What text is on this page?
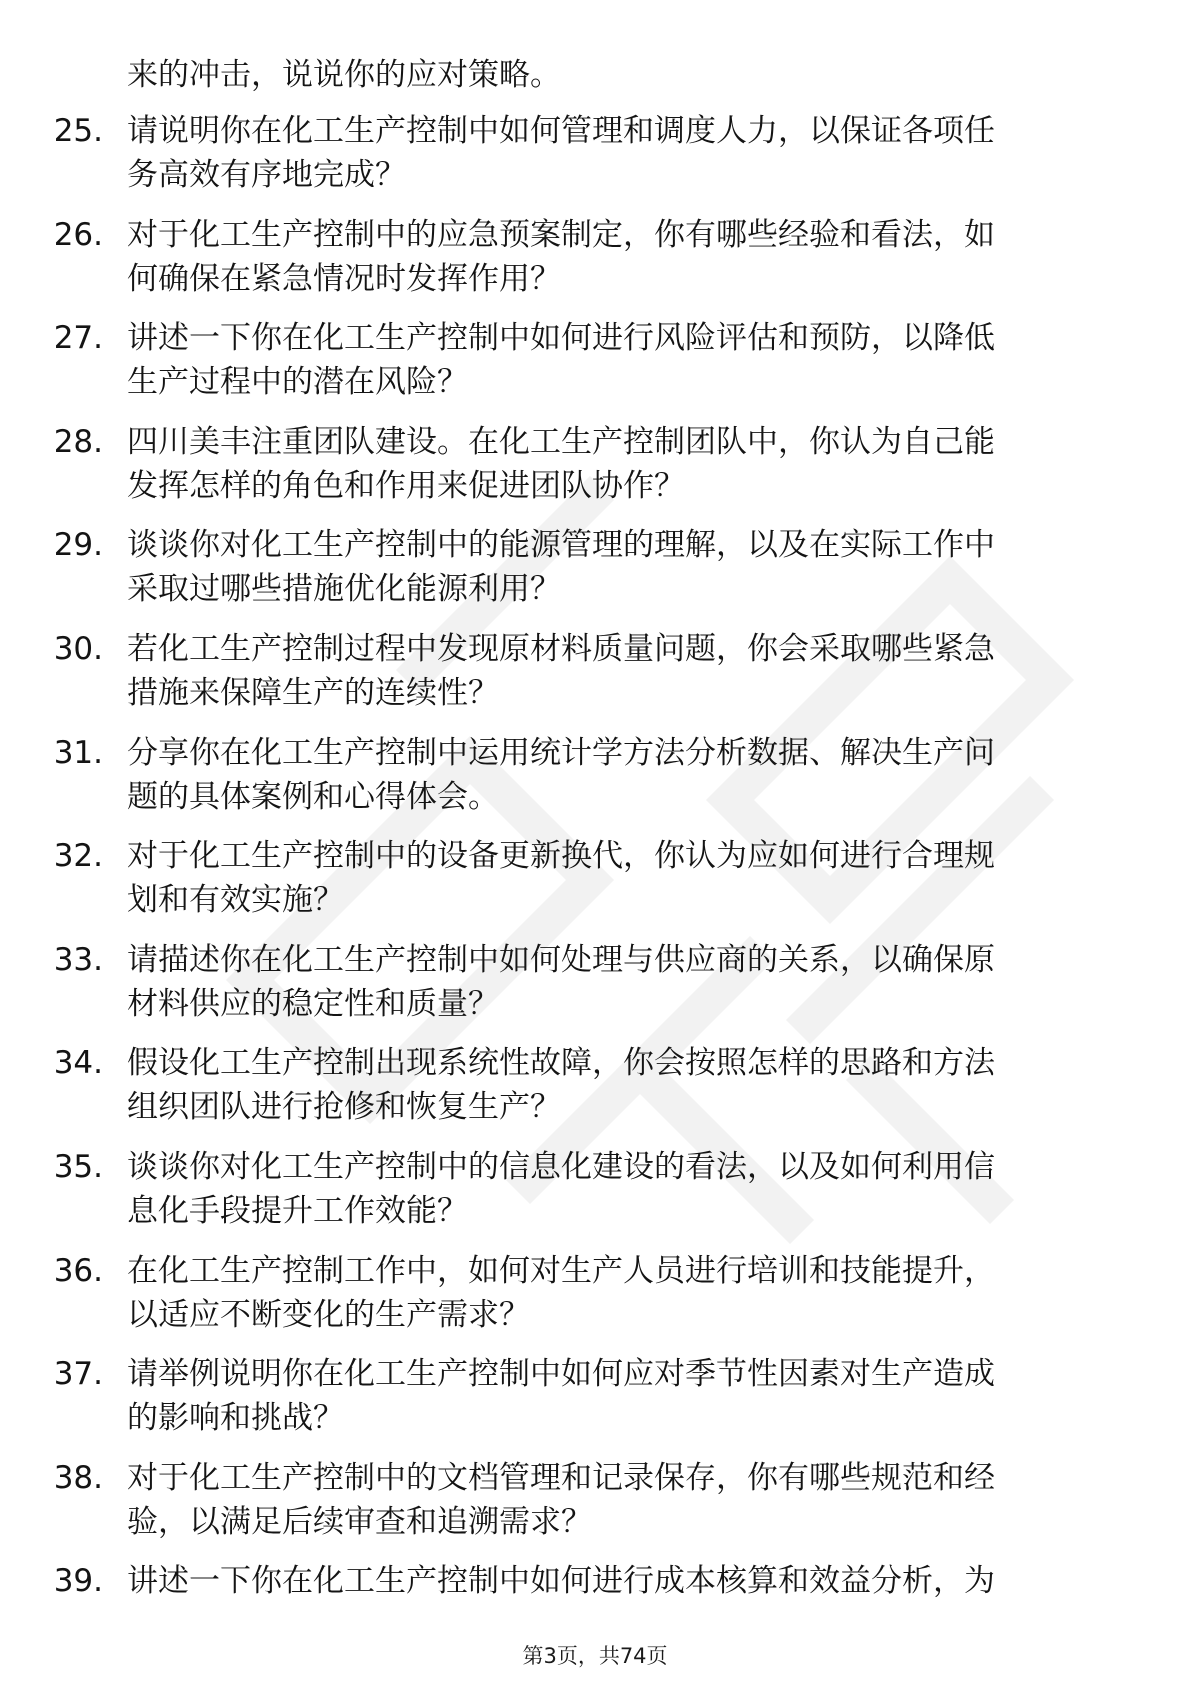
来的冲击，说说你的应对策略。
25. 请说明你在化工生产控制中如何管理和调度人力，以保证各项任
务高效有序地完成？
26. 对于化工生产控制中的应急预案制定，你有哪些经验和看法，如
何确保在紧急情况时发挥作用？
27. 讲述一下你在化工生产控制中如何进行风险评估和预防，以降低
生产过程中的潜在风险？
28. 四川美丰注重团队建设。在化工生产控制团队中，你认为自己能
发挥怎样的角色和作用来促进团队协作？
29. 谈谈你对化工生产控制中的能源管理的理解，以及在实际工作中
采取过哪些措施优化能源利用？
30. 若化工生产控制过程中发现原材料质量问题，你会采取哪些紧急
措施来保障生产的连续性？
31. 分享你在化工生产控制中运用统计学方法分析数据、解决生产问
题的具体案例和心得体会。
32. 对于化工生产控制中的设备更新换代，你认为应如何进行合理规
划和有效实施？
33. 请描述你在化工生产控制中如何处理与供应商的关系，以确保原
材料供应的稳定性和质量？
34. 假设化工生产控制出现系统性故障，你会按照怎样的思路和方法
组织团队进行抢修和恢复生产？
35. 谈谈你对化工生产控制中的信息化建设的看法，以及如何利用信
息化手段提升工作效能？
36. 在化工生产控制工作中，如何对生产人员进行培训和技能提升，
以适应不断变化的生产需求？
37. 请举例说明你在化工生产控制中如何应对季节性因素对生产造成
的影响和挑战？
38. 对于化工生产控制中的文档管理和记录保存，你有哪些规范和经
验，以满足后续审查和追溯需求？
39. 讲述一下你在化工生产控制中如何进行成本核算和效益分析，为
第3页，共74页
